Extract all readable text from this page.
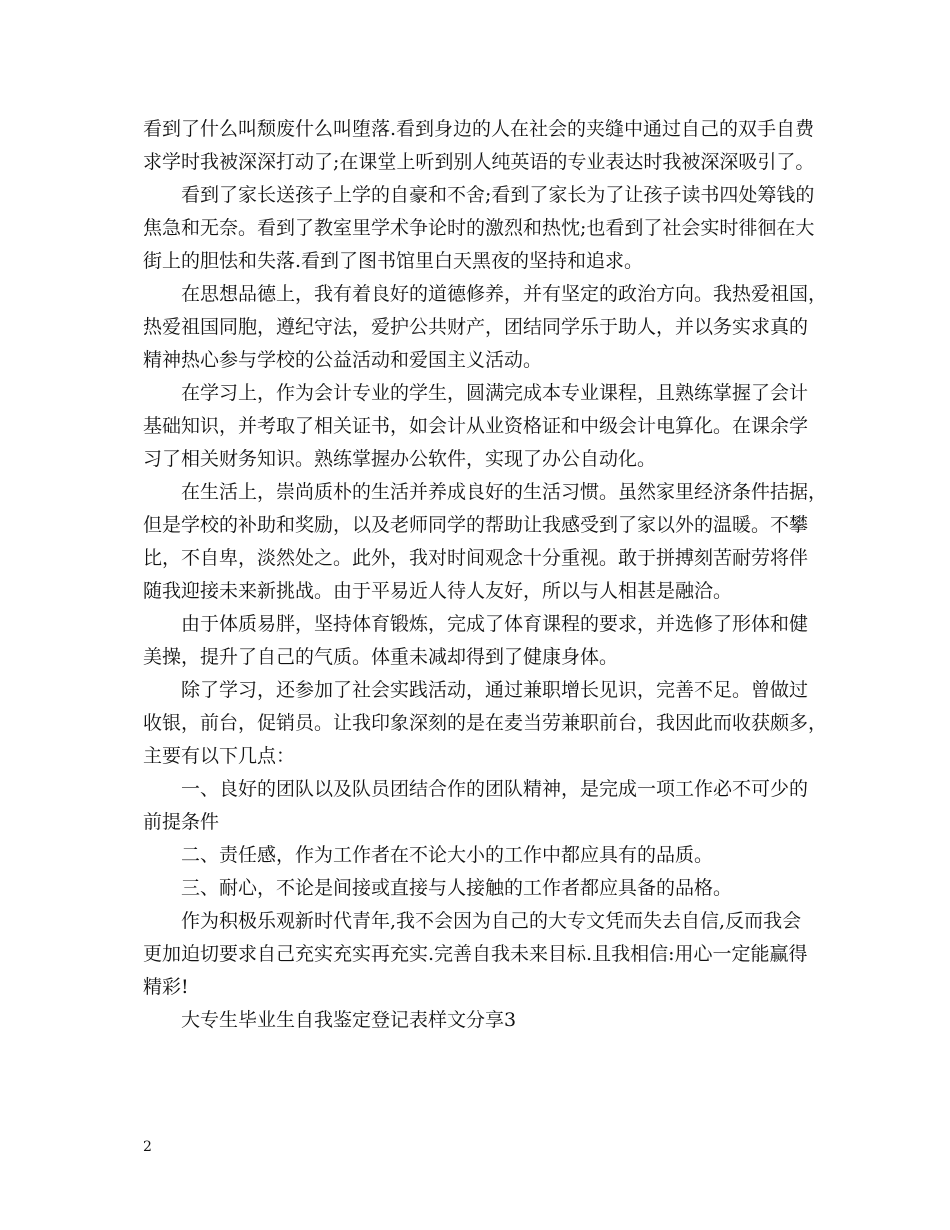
看到了什么叫颓废什么叫堕落.看到身边的人在社会的夹缝中通过自己的双手自费
求学时我被深深打动了;在课堂上听到别人纯英语的专业表达时我被深深吸引了。
看到了家长送孩子上学的自豪和不舍;看到了家长为了让孩子读书四处筹钱的
焦急和无奈。看到了教室里学术争论时的激烈和热忱;也看到了社会实时徘徊在大
街上的胆怯和失落.看到了图书馆里白天黑夜的坚持和追求。
在思想品德上，我有着良好的道德修养，并有坚定的政治方向。我热爱祖国，
热爱祖国同胞，遵纪守法，爱护公共财产，团结同学乐于助人，并以务实求真的
精神热心参与学校的公益活动和爱国主义活动。
在学习上，作为会计专业的学生，圆满完成本专业课程，且熟练掌握了会计
基础知识，并考取了相关证书，如会计从业资格证和中级会计电算化。在课余学
习了相关财务知识。熟练掌握办公软件，实现了办公自动化。
在生活上，崇尚质朴的生活并养成良好的生活习惯。虽然家里经济条件拮据，
但是学校的补助和奖励，以及老师同学的帮助让我感受到了家以外的温暖。不攀
比，不自卑，淡然处之。此外，我对时间观念十分重视。敢于拼搏刻苦耐劳将伴
随我迎接未来新挑战。由于平易近人待人友好，所以与人相甚是融洽。
由于体质易胖，坚持体育锻炼，完成了体育课程的要求，并选修了形体和健
美操，提升了自己的气质。体重未减却得到了健康身体。
除了学习，还参加了社会实践活动，通过兼职增长见识，完善不足。曾做过
收银，前台，促销员。让我印象深刻的是在麦当劳兼职前台，我因此而收获颇多，
主要有以下几点：
一、良好的团队以及队员团结合作的团队精神，是完成一项工作必不可少的
前提条件
二、责任感，作为工作者在不论大小的工作中都应具有的品质。
三、耐心，不论是间接或直接与人接触的工作者都应具备的品格。
作为积极乐观新时代青年,我不会因为自己的大专文凭而失去自信,反而我会
更加迫切要求自己充实充实再充实.完善自我未来目标.且我相信:用心一定能赢得
精彩!
大专生毕业生自我鉴定登记表样文分享3
2
